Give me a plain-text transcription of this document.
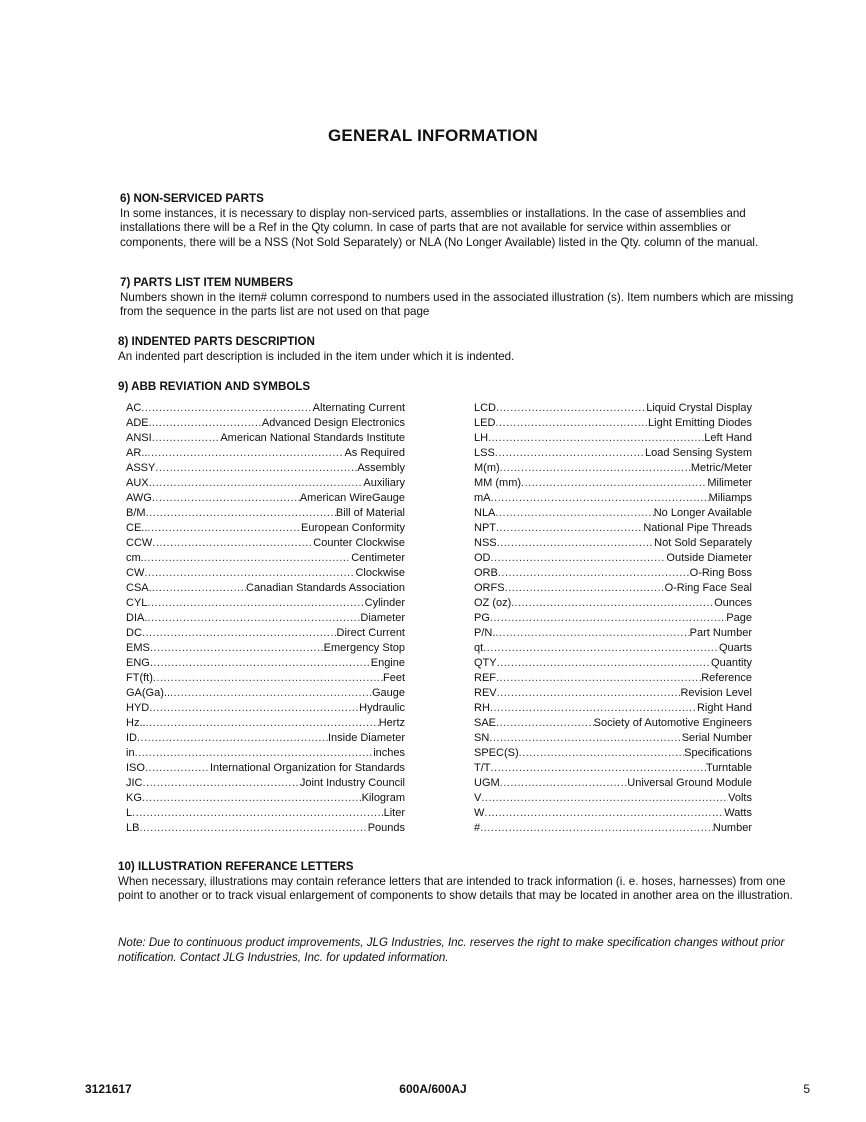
GENERAL INFORMATION
6) NON-SERVICED PARTS
In some instances, it is necessary to display non-serviced parts, assemblies or installations. In the case of assemblies and installations there will be a Ref in the Qty column. In case of parts that are not available for service within assemblies or components, there will be a NSS (Not Sold Separately) or NLA (No Longer Available) listed in the Qty. column of the manual.
7) PARTS LIST ITEM NUMBERS
Numbers shown in the item# column correspond to numbers used in the associated illustration (s). Item numbers which are missing from the sequence in the parts list are not used on that page
8) INDENTED PARTS DESCRIPTION
An indented part description is included in the item under which it is indented.
9) ABB REVIATION AND SYMBOLS
AC .....	Alternating Current
ADE. .....	Advanced Design Electronics
ANSI .....	American National Standards Institute
AR.. .....	As Required
ASSY .....	Assembly
AUX .....	Auxiliary
AWG .....	American WireGauge
B/M .....	Bill of Material
CE.. .....	European Conformity
CCW .....	Counter Clockwise
cm. .....	Centimeter
CW .....	Clockwise
CSA. .....	Canadian Standards Association
CYL .....	Cylinder
DIA. .....	Diameter
DC .....	Direct Current
EMS .....	Emergency Stop
ENG .....	Engine
FT(ft) .....	Feet
GA(Ga).. .....	Gauge
HYD .....	Hydraulic
Hz.. .....	Hertz
ID .....	Inside Diameter
in .....	inches
ISO .....	International Organization for Standards
JIC .....	Joint Industry Council
KG .....	Kilogram
L .....	Liter
LB .....	Pounds
LCD .....	Liquid Crystal Display
LED .....	Light Emitting Diodes
LH .....	Left Hand
LSS .....	Load Sensing System
M(m) .....	Metric/Meter
MM (mm) .....	Milimeter
mA .....	Miliamps
NLA .....	No Longer Available
NPT .....	National Pipe Threads
NSS .....	Not Sold Separately
OD .....	Outside Diameter
ORB .....	O-Ring Boss
ORFS .....	O-Ring Face Seal
OZ (oz). .....	Ounces
PG .....	Page
P/N. .....	Part Number
qt .....	Quarts
QTY .....	Quantity
REF .....	Reference
REV .....	Revision Level
RH .....	Right Hand
SAE .....	Society of Automotive Engineers
SN .....	Serial Number
SPEC(S) .....	Specifications
T/T .....	Turntable
UGM .....	Universal Ground Module
V .....	Volts
W .....	Watts
# .....	Number
10) ILLUSTRATION REFERANCE LETTERS
When necessary, illustrations may contain referance letters that are intended to track information (i. e. hoses, harnesses) from one point to another or to track visual enlargement of components to show details that may be located in another area on the illustration.
Note: Due to continuous product improvements, JLG Industries, Inc. reserves the right to make specification changes without prior notification. Contact JLG Industries, Inc. for updated information.
3121617	600A/600AJ	5
